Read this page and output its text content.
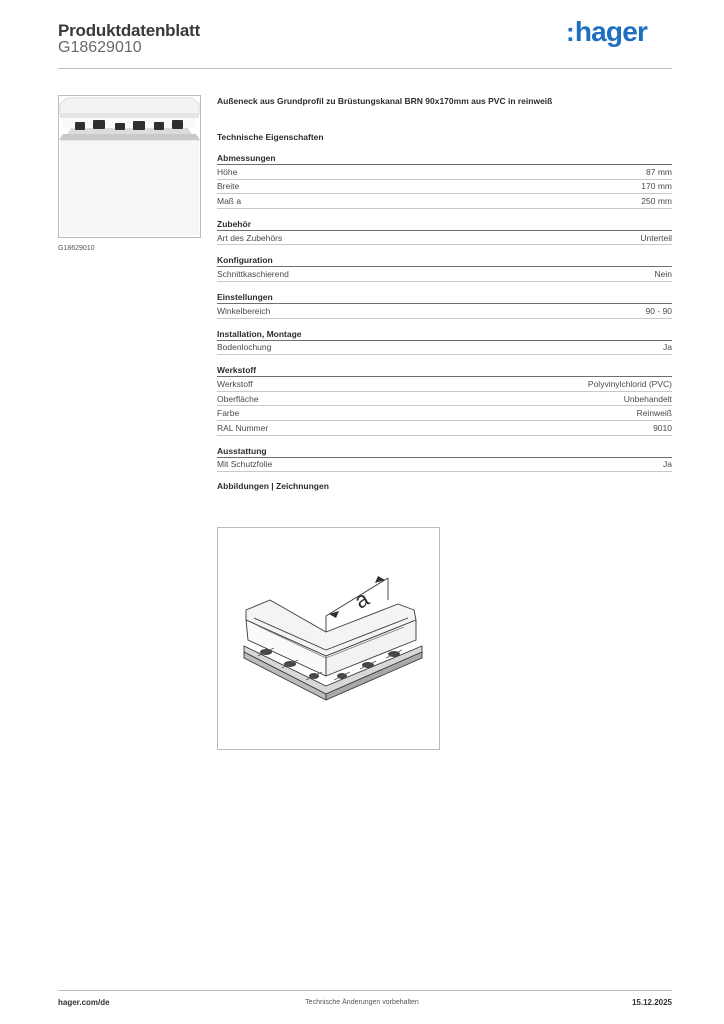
Produktdatenblatt
G18629010
:hager
G18629010
Außeneck aus Grundprofil zu Brüstungskanal BRN 90x170mm aus PVC in reinweiß
Technische Eigenschaften
Abmessungen
Höhe	87 mm
Breite	170 mm
Maß a	250 mm
Zubehör
Art des Zubehörs	Unterteil
Konfiguration
Schnittkaschierend	Nein
Einstellungen
Winkelbereich	90 - 90
Installation, Montage
Bodenlochung	Ja
Werkstoff
Werkstoff	Polyvinylchlorid (PVC)
Oberfläche	Unbehandelt
Farbe	Reinweiß
RAL Nummer	9010
Ausstattung
Mit Schutzfolie	Ja
Abbildungen | Zeichnungen
a
hager.com/de	Technische Änderungen vorbehalten	15.12.2025
